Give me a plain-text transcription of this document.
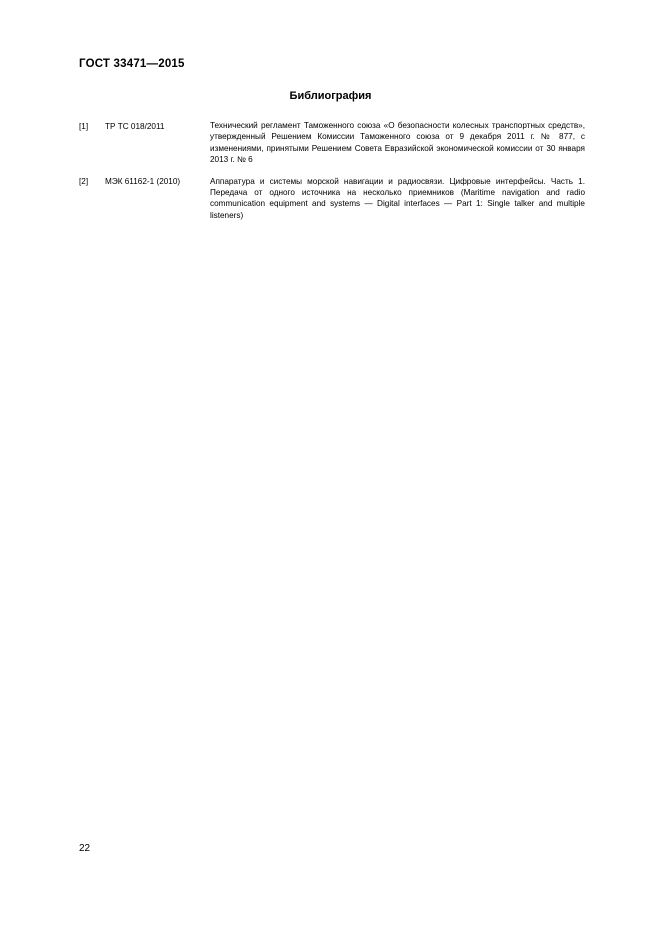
ГОСТ 33471—2015
Библиография
[1]	ТР ТС 018/2011	Технический регламент Таможенного союза «О безопасности колесных транспортных средств», утвержденный Решением Комиссии Таможенного союза от 9 декабря 2011 г. № 877, с изменениями, принятыми Решением Совета Евразийской экономической комиссии от 30 января 2013 г. № 6
[2]	МЭК 61162-1 (2010)	Аппаратура и системы морской навигации и радиосвязи. Цифровые интерфейсы. Часть 1. Передача от одного источника на несколько приемников (Maritime navigation and radio communication equipment and systems — Digital interfaces — Part 1: Single talker and multiple listeners)
22
